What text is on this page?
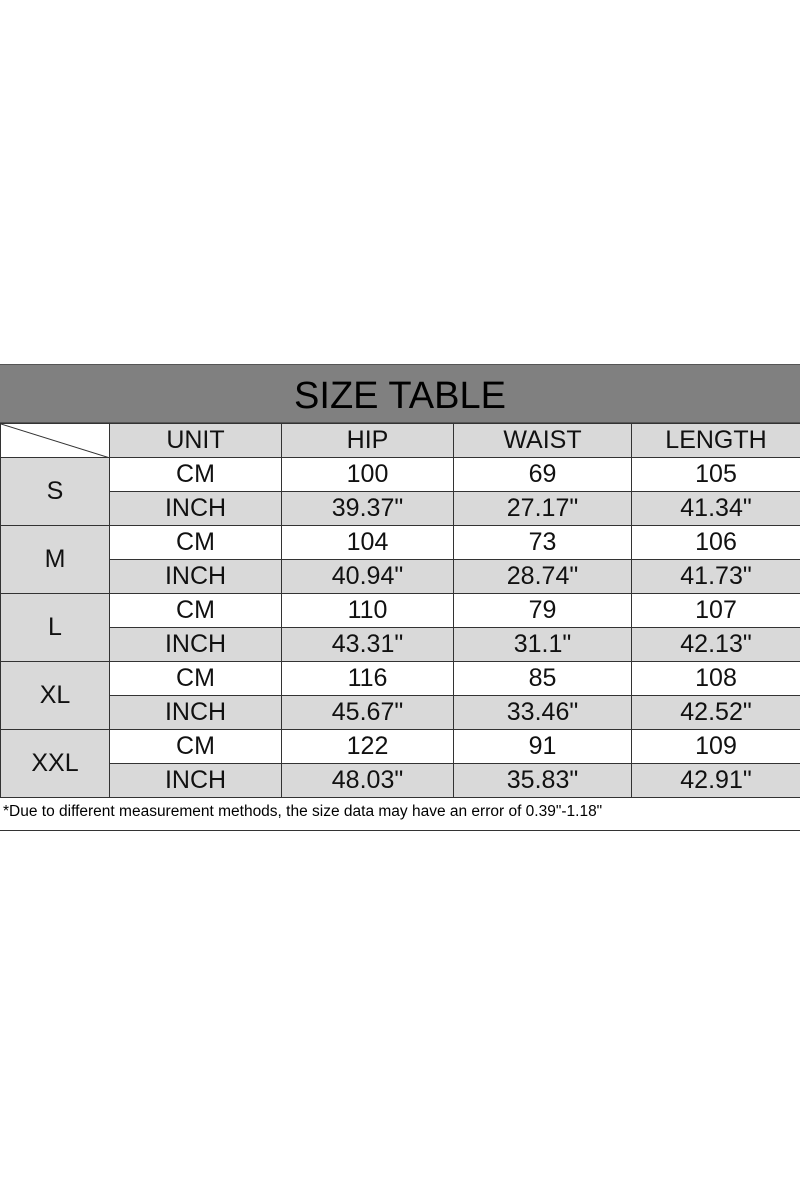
SIZE TABLE
	UNIT	HIP	WAIST	LENGTH
S	CM	100	69	105
	INCH	39.37"	27.17"	41.34"
M	CM	104	73	106
	INCH	40.94"	28.74"	41.73"
L	CM	110	79	107
	INCH	43.31"	31.1"	42.13"
XL	CM	116	85	108
	INCH	45.67"	33.46"	42.52"
XXL	CM	122	91	109
	INCH	48.03"	35.83"	42.91"
*Due to different measurement methods, the size data may have an error of 0.39"-1.18"
